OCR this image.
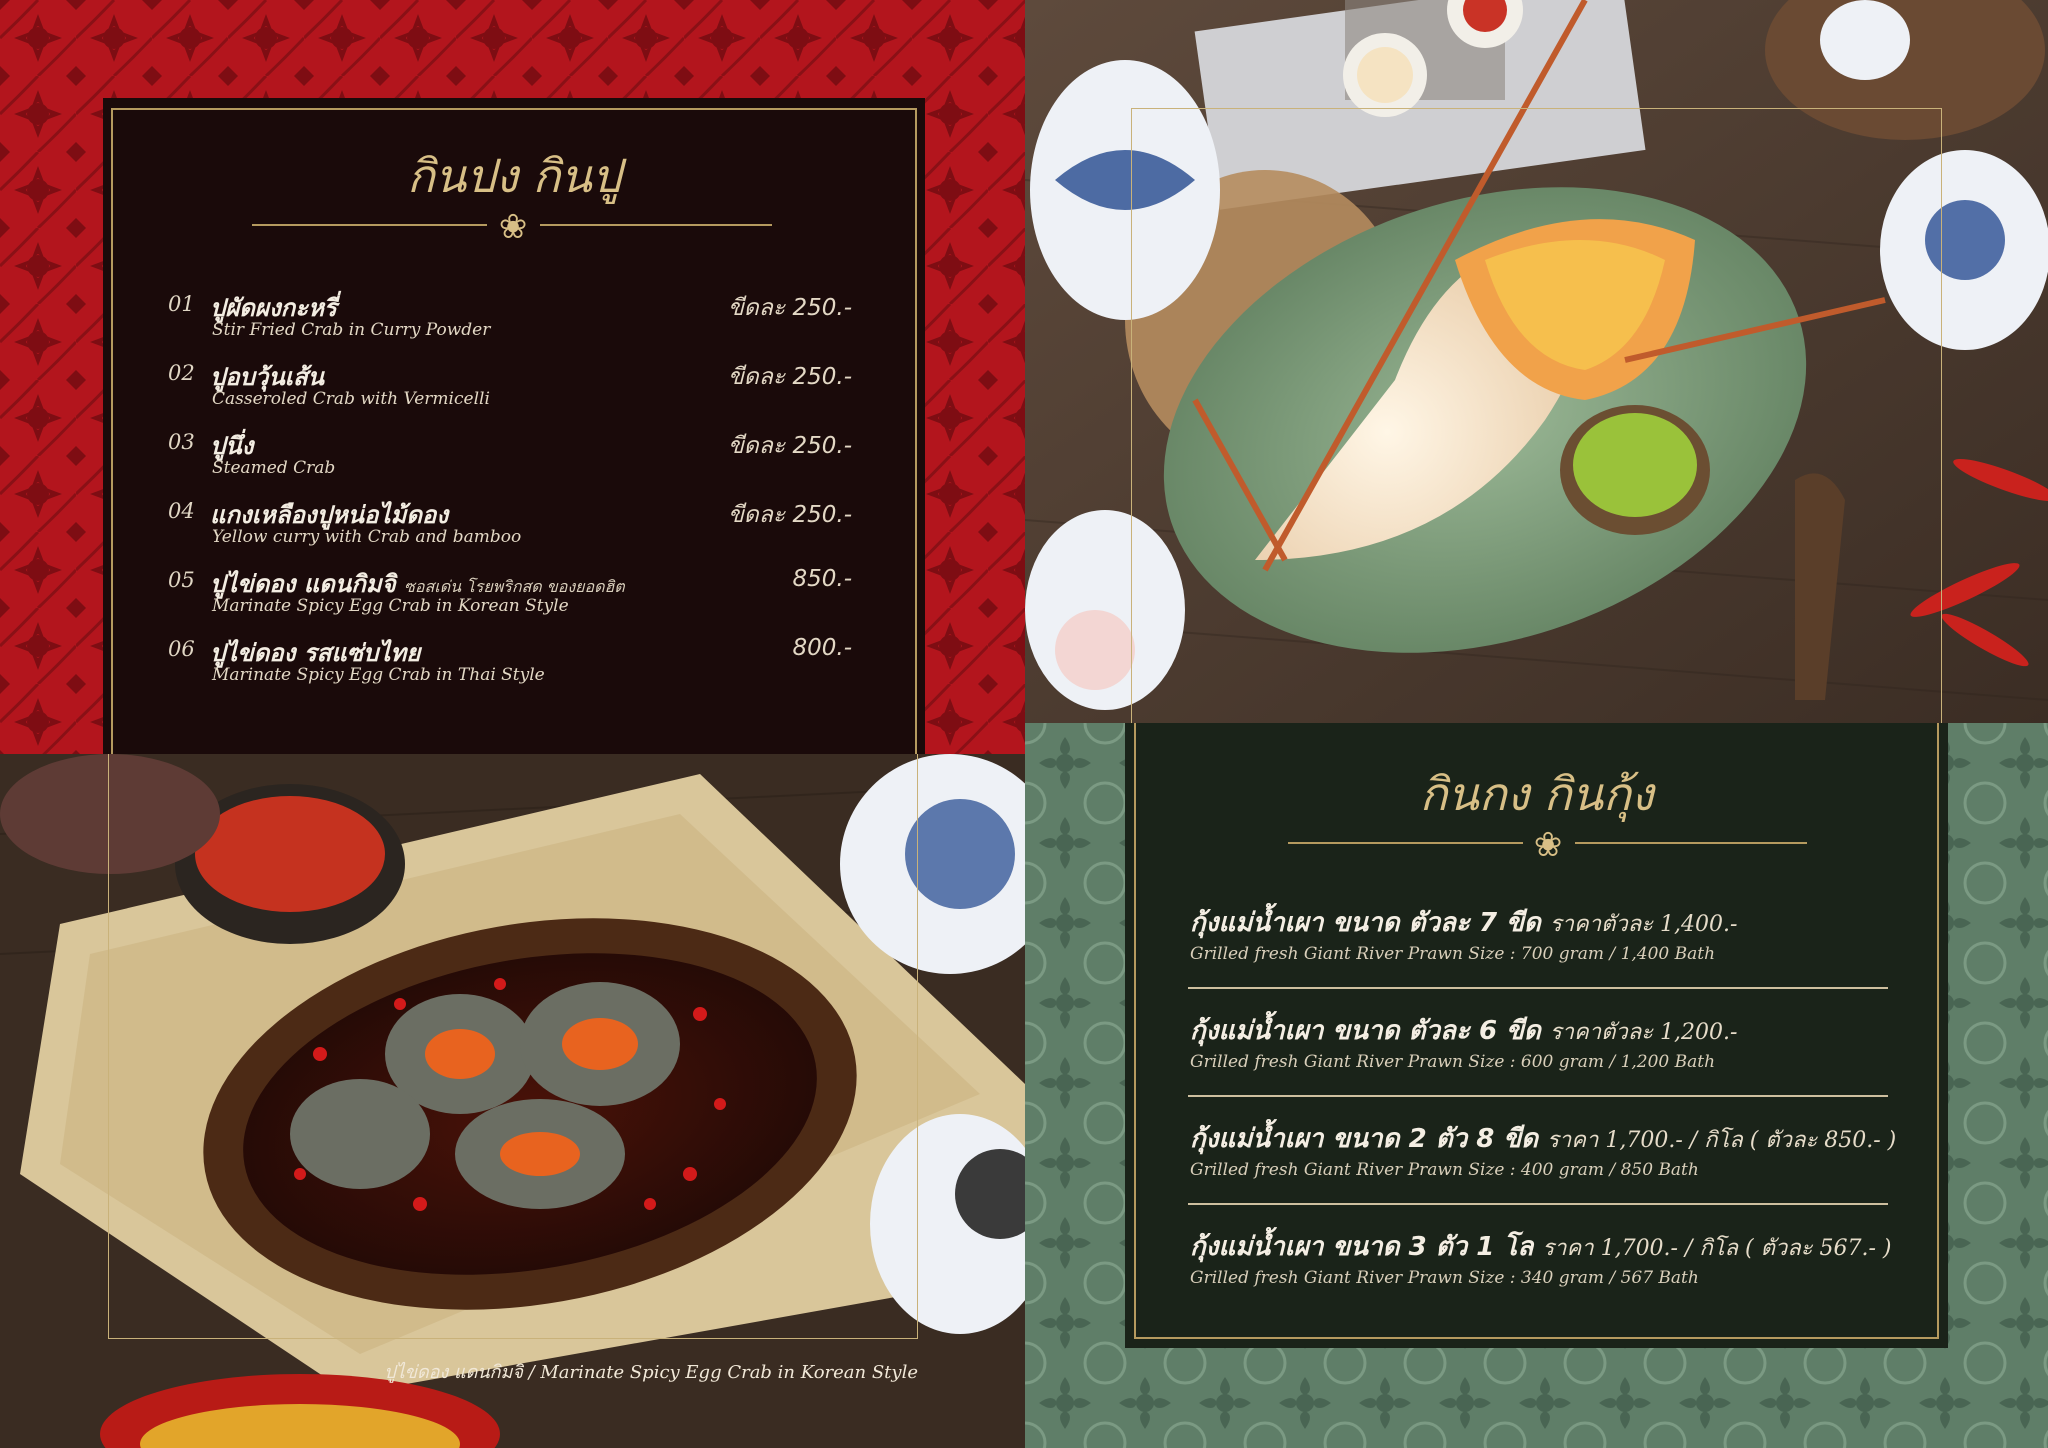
กินปง กินปู
❀
01 ปูผัดผงกะหรี่
Stir Fried Crab in Curry Powder
ขีดละ 250.-
02 ปูอบวุ้นเส้น
Casseroled Crab with Vermicelli
ขีดละ 250.-
03 ปูนึ่ง
Steamed Crab
ขีดละ 250.-
04 แกงเหลืองปูหน่อไม้ดอง
Yellow curry with Crab and bamboo
ขีดละ 250.-
05 ปูไข่ดอง แดนกิมจิ ซอสเด่น โรยพริกสด ของยอดฮิต
Marinate Spicy Egg Crab in Korean Style
850.-
06 ปูไข่ดอง รสแซ่บไทย
Marinate Spicy Egg Crab in Thai Style
800.-
ปูไข่ดอง แดนกิมจิ / Marinate Spicy Egg Crab in Korean Style
กินกง กินกุ้ง
❀
กุ้งแม่น้ำเผา ขนาด ตัวละ 7 ขีด ราคาตัวละ 1,400.-
Grilled fresh Giant River Prawn Size : 700 gram / 1,400 Bath
กุ้งแม่น้ำเผา ขนาด ตัวละ 6 ขีด ราคาตัวละ 1,200.-
Grilled fresh Giant River Prawn Size : 600 gram / 1,200 Bath
กุ้งแม่น้ำเผา ขนาด 2 ตัว 8 ขีด ราคา 1,700.- / กิโล ( ตัวละ 850.- )
Grilled fresh Giant River Prawn Size : 400 gram / 850 Bath
กุ้งแม่น้ำเผา ขนาด 3 ตัว 1 โล ราคา 1,700.- / กิโล ( ตัวละ 567.- )
Grilled fresh Giant River Prawn Size : 340 gram / 567 Bath
